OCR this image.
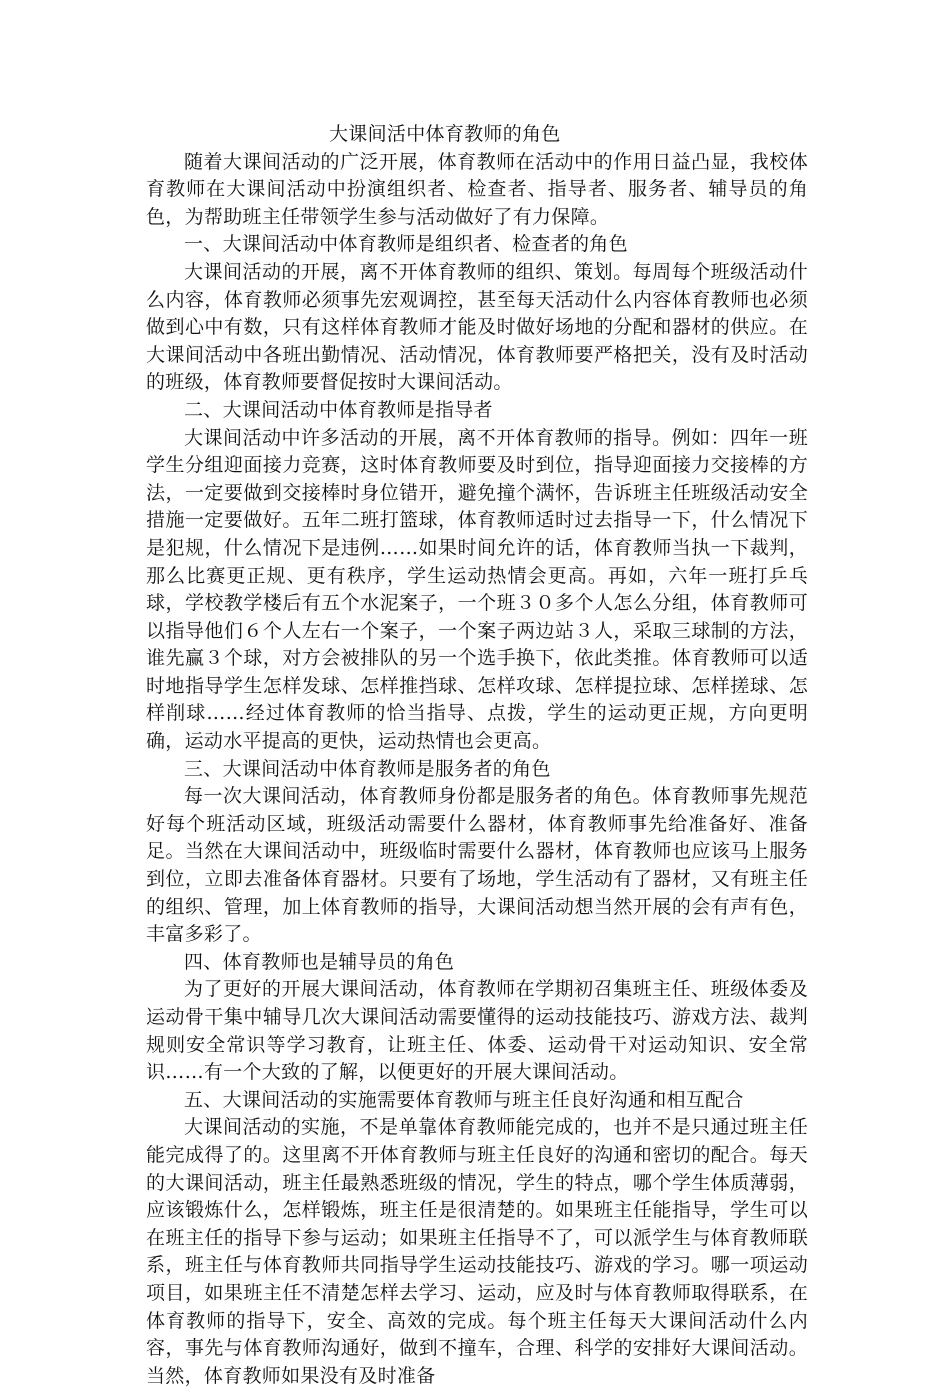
大课间活中体育教师的角色

随着大课间活动的广泛开展，体育教师在活动中的作用日益凸显，我校体育教师在大课间活动中扮演组织者、检查者、指导者、服务者、辅导员的角色，为帮助班主任带领学生参与活动做好了有力保障。

一、大课间活动中体育教师是组织者、检查者的角色

大课间活动的开展，离不开体育教师的组织、策划。每周每个班级活动什么内容，体育教师必须事先宏观调控，甚至每天活动什么内容体育教师也必须做到心中有数，只有这样体育教师才能及时做好场地的分配和器材的供应。在大课间活动中各班出勤情况、活动情况，体育教师要严格把关，没有及时活动的班级，体育教师要督促按时大课间活动。

二、大课间活动中体育教师是指导者

大课间活动中许多活动的开展，离不开体育教师的指导。例如：四年一班学生分组迎面接力竞赛，这时体育教师要及时到位，指导迎面接力交接棒的方法，一定要做到交接棒时身位错开，避免撞个满怀，告诉班主任班级活动安全措施一定要做好。五年二班打篮球，体育教师适时过去指导一下，什么情况下是犯规，什么情况下是违例……如果时间允许的话，体育教师当执一下裁判，那么比赛更正规、更有秩序，学生运动热情会更高。再如，六年一班打乒乓球，学校教学楼后有五个水泥案子，一个班３０多个人怎么分组，体育教师可以指导他们６个人左右一个案子，一个案子两边站３人，采取三球制的方法，谁先赢３个球，对方会被排队的另一个选手换下，依此类推。体育教师可以适时地指导学生怎样发球、怎样推挡球、怎样攻球、怎样提拉球、怎样搓球、怎样削球……经过体育教师的恰当指导、点拨，学生的运动更正规，方向更明确，运动水平提高的更快，运动热情也会更高。

三、大课间活动中体育教师是服务者的角色

每一次大课间活动，体育教师身份都是服务者的角色。体育教师事先规范好每个班活动区域，班级活动需要什么器材，体育教师事先给准备好、准备足。当然在大课间活动中，班级临时需要什么器材，体育教师也应该马上服务到位，立即去准备体育器材。只要有了场地，学生活动有了器材，又有班主任的组织、管理，加上体育教师的指导，大课间活动想当然开展的会有声有色，丰富多彩了。

四、体育教师也是辅导员的角色

为了更好的开展大课间活动，体育教师在学期初召集班主任、班级体委及运动骨干集中辅导几次大课间活动需要懂得的运动技能技巧、游戏方法、裁判规则安全常识等学习教育，让班主任、体委、运动骨干对运动知识、安全常识……有一个大致的了解，以便更好的开展大课间活动。

五、大课间活动的实施需要体育教师与班主任良好沟通和相互配合

大课间活动的实施，不是单靠体育教师能完成的，也并不是只通过班主任能完成得了的。这里离不开体育教师与班主任良好的沟通和密切的配合。每天的大课间活动，班主任最熟悉班级的情况，学生的特点，哪个学生体质薄弱，应该锻炼什么，怎样锻炼，班主任是很清楚的。如果班主任能指导，学生可以在班主任的指导下参与运动；如果班主任指导不了，可以派学生与体育教师联系，班主任与体育教师共同指导学生运动技能技巧、游戏的学习。哪一项运动项目，如果班主任不清楚怎样去学习、运动，应及时与体育教师取得联系，在体育教师的指导下，安全、高效的完成。每个班主任每天大课间活动什么内容，事先与体育教师沟通好，做到不撞车，合理、科学的安排好大课间活动。当然，体育教师如果没有及时准备
